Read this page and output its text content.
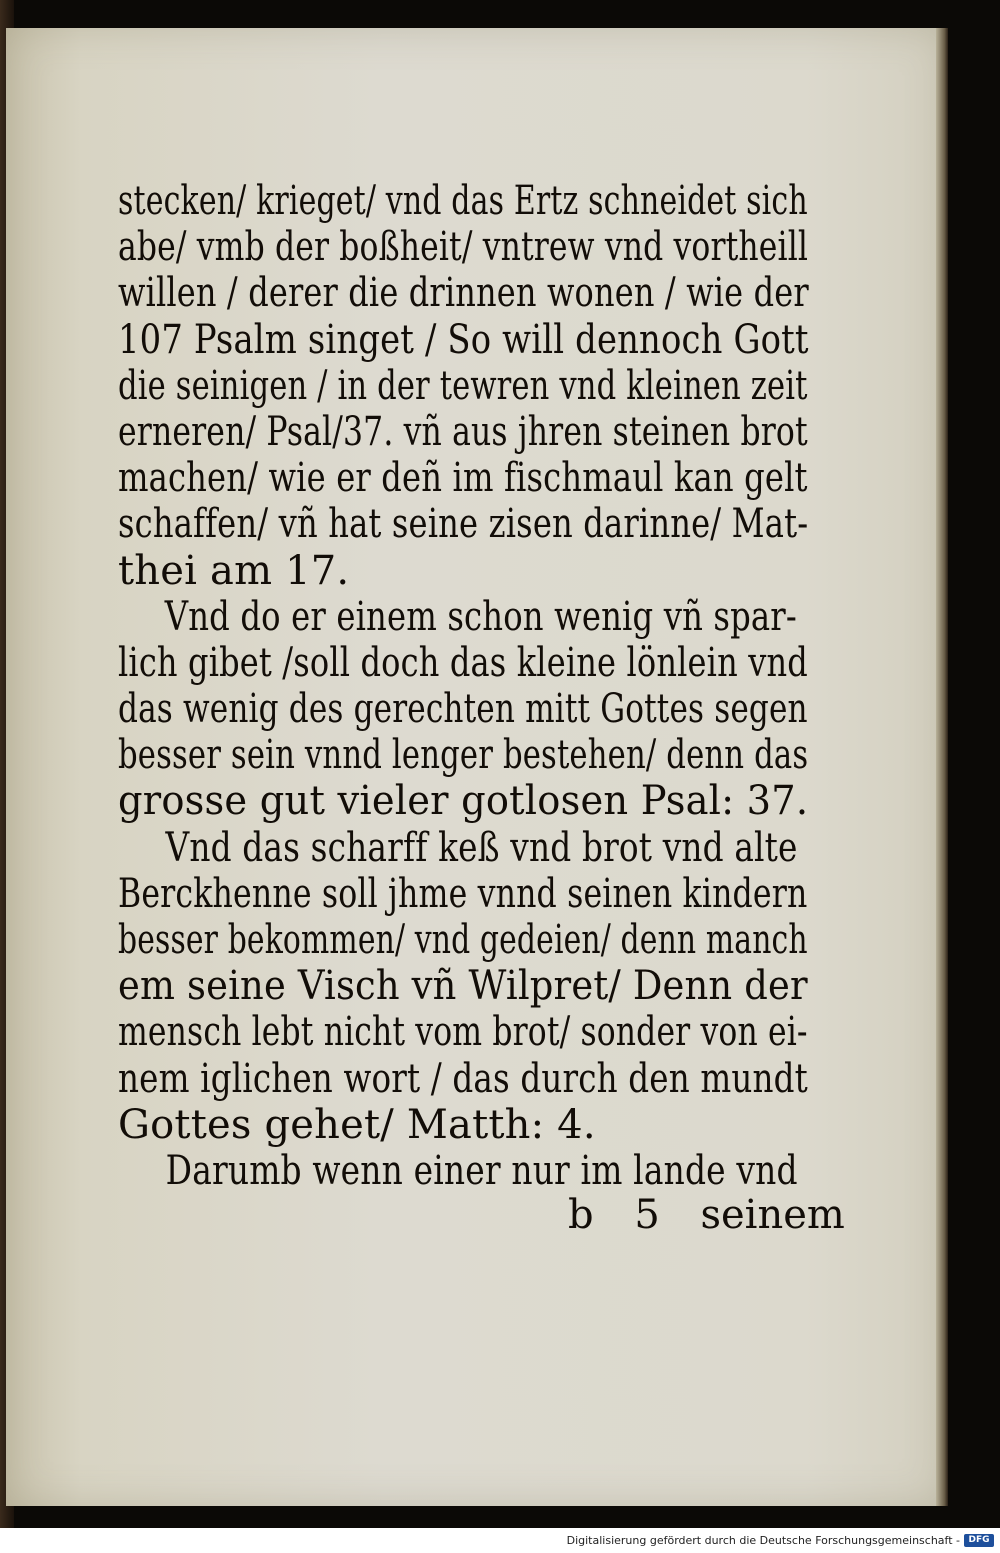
stecken/ krieget/ vnd das Ertz schneidet sich
abe/ vmb der boßheit/ vntrew vnd vortheill
willen / derer die drinnen wonen / wie der
107 Psalm singet / So will dennoch Gott
die seinigen / in der tewren vnd kleinen zeit
erneren/ Psal/37. vñ aus jhren steinen brot
machen/ wie er deñ im fischmaul kan gelt
schaffen/ vñ hat seine zisen darinne/ Mat-
thei am 17.
Vnd do er einem schon wenig vñ spar-
lich gibet /soll doch das kleine lönlein vnd
das wenig des gerechten mitt Gottes segen
besser sein vnnd lenger bestehen/ denn das
grosse gut vieler gotlosen Psal: 37.
Vnd das scharff keß vnd brot vnd alte
Berckhenne soll jhme vnnd seinen kindern
besser bekommen/ vnd gedeien/ denn manch
em seine Visch vñ Wilpret/ Denn der
mensch lebt nicht vom brot/ sonder von ei-
nem iglichen wort / das durch den mundt
Gottes gehet/ Matth: 4.
Darumb wenn einer nur im lande vnd
b 5 seinem
Digitalisierung gefördert durch die Deutsche Forschungsgemeinschaft - DFG
